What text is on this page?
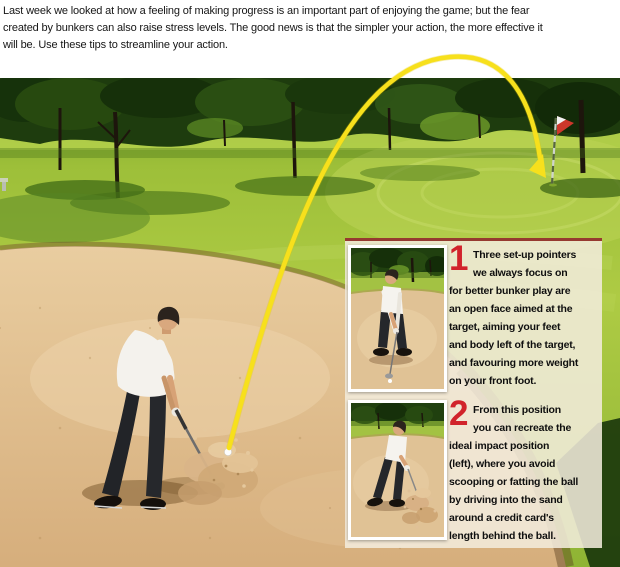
Last week we looked at how a feeling of making progress is an important part of enjoying the game; but the fear
created by bunkers can also raise stress levels. The good news is that the simpler your action, the more effective it
will be. Use these tips to streamline your action.
1 Three set-up pointers
we always focus on
for better bunker play are
an open face aimed at the
target, aiming your feet
and body left of the target,
and favouring more weight
on your front foot.
2 From this position
you can recreate the
ideal impact position
(left), where you avoid
scooping or fatting the ball
by driving into the sand
around a credit card's
length behind the ball.
